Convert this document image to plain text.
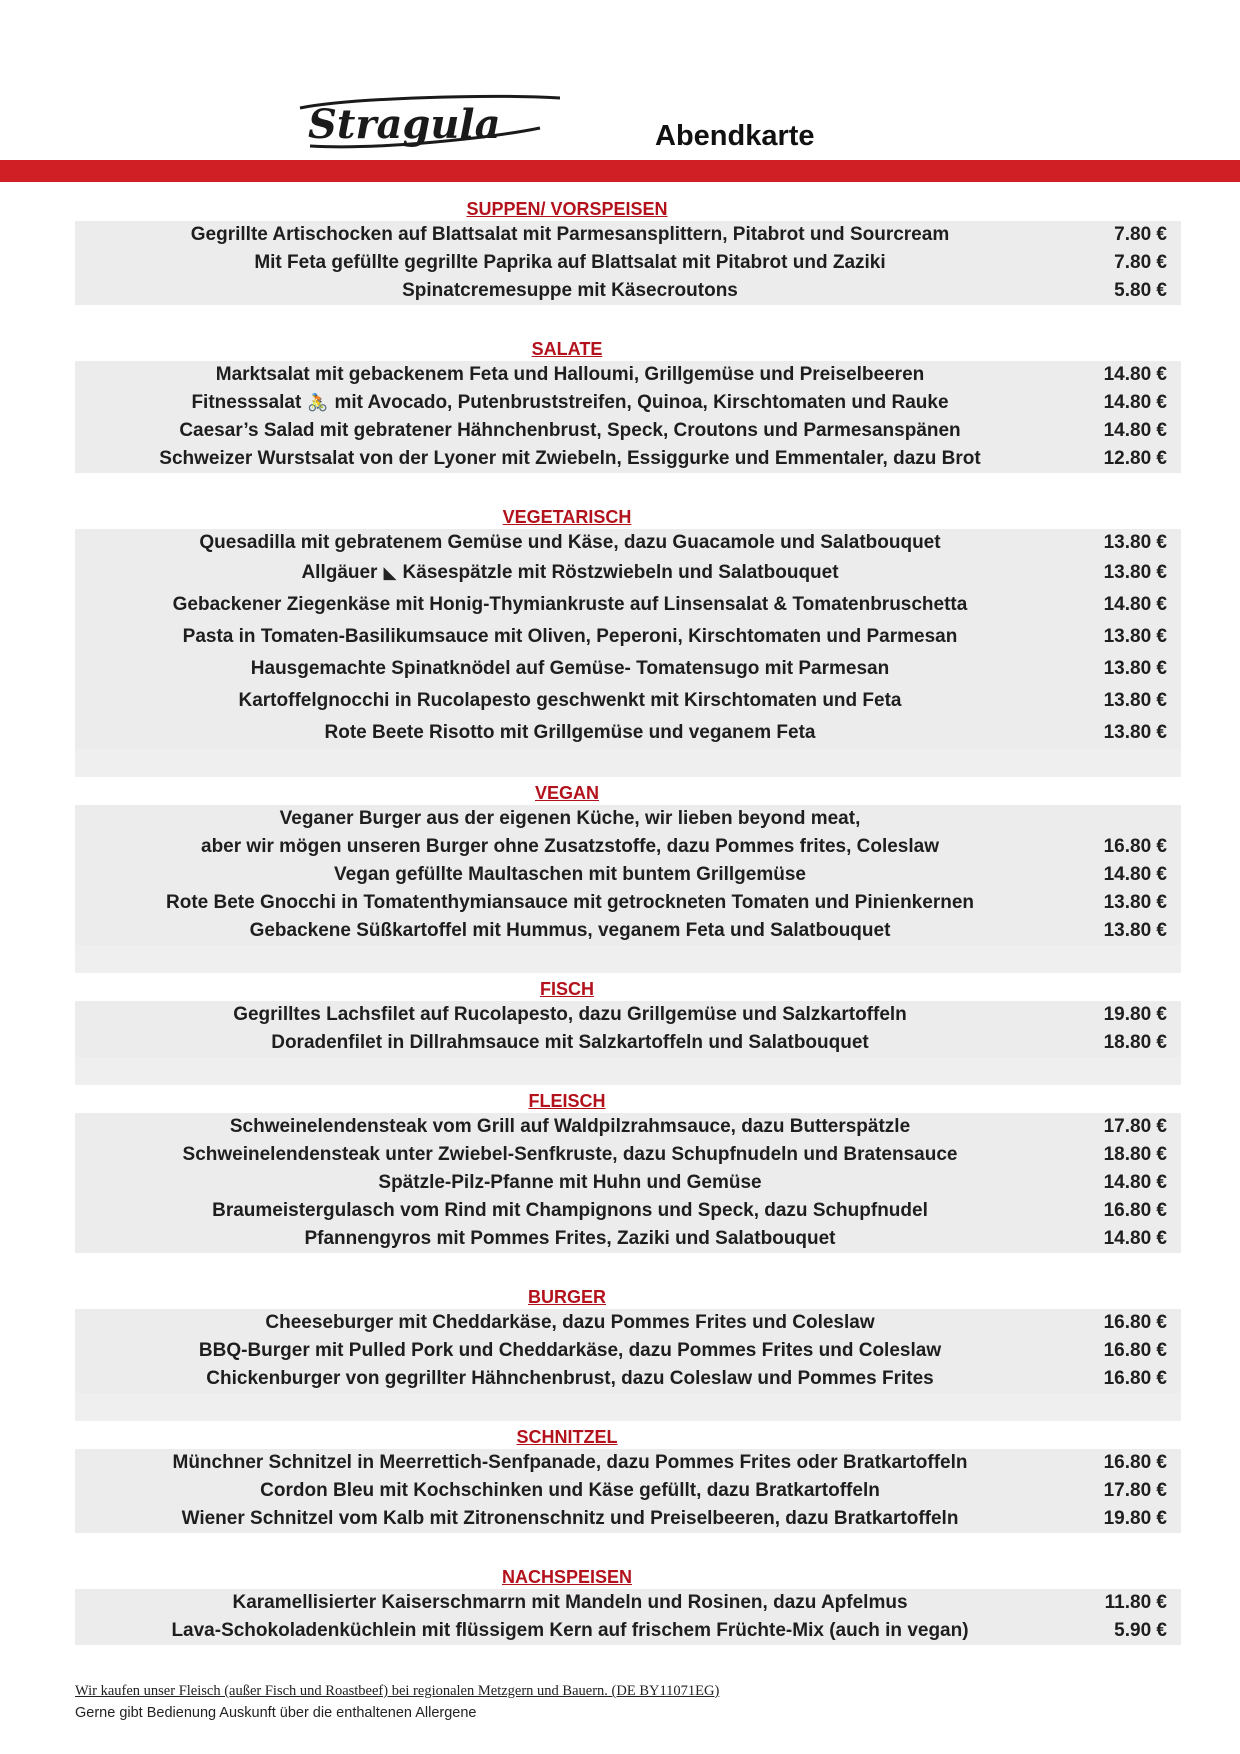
Stragula	Abendkarte
SUPPEN/ VORSPEISEN
Gegrillte Artischocken auf Blattsalat mit Parmesansplittern, Pitabrot und Sourcream	7.80 €
Mit Feta gefüllte gegrillte Paprika auf Blattsalat mit Pitabrot und Zaziki	7.80 €
Spinatcremesuppe mit Käsecroutons	5.80 €
SALATE
Marktsalat mit gebackenem Feta und Halloumi, Grillgemüse und Preiselbeeren	14.80 €
Fitnesssalat 🚴 mit Avocado, Putenbruststreifen, Quinoa, Kirschtomaten und Rauke	14.80 €
Caesar’s Salad mit gebratener Hähnchenbrust, Speck, Croutons und Parmesanspänen	14.80 €
Schweizer Wurstsalat von der Lyoner mit Zwiebeln, Essiggurke und Emmentaler, dazu Brot	12.80 €
VEGETARISCH
Quesadilla mit gebratenem Gemüse und Käse, dazu Guacamole und Salatbouquet	13.80 €
Allgäuer ◣ Käsespätzle mit Röstzwiebeln und Salatbouquet	13.80 €
Gebackener Ziegenkäse mit Honig-Thymiankruste auf Linsensalat & Tomatenbruschetta	14.80 €
Pasta in Tomaten-Basilikumsauce mit Oliven, Peperoni, Kirschtomaten und Parmesan	13.80 €
Hausgemachte Spinatknödel auf Gemüse- Tomatensugo mit Parmesan	13.80 €
Kartoffelgnocchi in Rucolapesto geschwenkt mit Kirschtomaten und Feta	13.80 €
Rote Beete Risotto mit Grillgemüse und veganem Feta	13.80 €
VEGAN
Veganer Burger aus der eigenen Küche, wir lieben beyond meat,
aber wir mögen unseren Burger ohne Zusatzstoffe, dazu Pommes frites, Coleslaw	16.80 €
Vegan gefüllte Maultaschen mit buntem Grillgemüse	14.80 €
Rote Bete Gnocchi in Tomatenthymiansauce mit getrockneten Tomaten und Pinienkernen	13.80 €
Gebackene Süßkartoffel mit Hummus, veganem Feta und Salatbouquet	13.80 €
FISCH
Gegrilltes Lachsfilet auf Rucolapesto, dazu Grillgemüse und Salzkartoffeln	19.80 €
Doradenfilet in Dillrahmsauce mit Salzkartoffeln und Salatbouquet	18.80 €
FLEISCH
Schweinelendensteak vom Grill auf Waldpilzrahmsauce, dazu Butterspätzle	17.80 €
Schweinelendensteak unter Zwiebel-Senfkruste, dazu Schupfnudeln und Bratensauce	18.80 €
Spätzle-Pilz-Pfanne mit Huhn und Gemüse	14.80 €
Braumeistergulasch vom Rind mit Champignons und Speck, dazu Schupfnudel	16.80 €
Pfannengyros mit Pommes Frites, Zaziki und Salatbouquet	14.80 €
BURGER
Cheeseburger mit Cheddarkäse, dazu Pommes Frites und Coleslaw	16.80 €
BBQ-Burger mit Pulled Pork und Cheddarkäse, dazu Pommes Frites und Coleslaw	16.80 €
Chickenburger von gegrillter Hähnchenbrust, dazu Coleslaw und Pommes Frites	16.80 €
SCHNITZEL
Münchner Schnitzel in Meerrettich-Senfpanade, dazu Pommes Frites oder Bratkartoffeln	16.80 €
Cordon Bleu mit Kochschinken und Käse gefüllt, dazu Bratkartoffeln	17.80 €
Wiener Schnitzel vom Kalb mit Zitronenschnitz und Preiselbeeren, dazu Bratkartoffeln	19.80 €
NACHSPEISEN
Karamellisierter Kaiserschmarrn mit Mandeln und Rosinen, dazu Apfelmus	11.80 €
Lava-Schokoladenküchlein mit flüssigem Kern auf frischem Früchte-Mix (auch in vegan)	5.90 €
Wir kaufen unser Fleisch (außer Fisch und Roastbeef) bei regionalen Metzgern und Bauern. (DE BY11071EG)
Gerne gibt Bedienung Auskunft über die enthaltenen Allergene
